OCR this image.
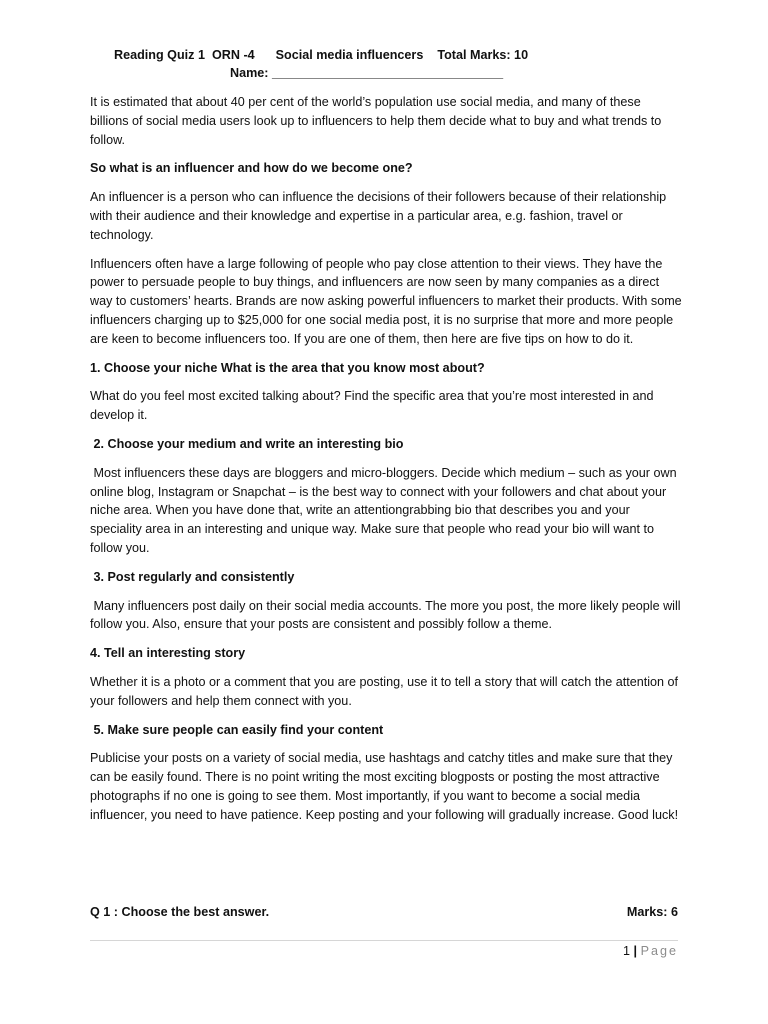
Reading Quiz 1  ORN -4      Social media influencers    Total Marks: 10
Name: _________________________________

It is estimated that about 40 per cent of the world’s population use social media, and many of these billions of social media users look up to influencers to help them decide what to buy and what trends to follow.

So what is an influencer and how do we become one?

An influencer is a person who can influence the decisions of their followers because of their relationship with their audience and their knowledge and expertise in a particular area, e.g. fashion, travel or technology.

Influencers often have a large following of people who pay close attention to their views. They have the power to persuade people to buy things, and influencers are now seen by many companies as a direct way to customers’ hearts. Brands are now asking powerful influencers to market their products. With some influencers charging up to $25,000 for one social media post, it is no surprise that more and more people are keen to become influencers too. If you are one of them, then here are five tips on how to do it.

1. Choose your niche What is the area that you know most about?

What do you feel most excited talking about? Find the specific area that you’re most interested in and develop it.

2. Choose your medium and write an interesting bio

Most influencers these days are bloggers and micro-bloggers. Decide which medium – such as your own online blog, Instagram or Snapchat – is the best way to connect with your followers and chat about your niche area. When you have done that, write an attentiongrabbing bio that describes you and your speciality area in an interesting and unique way. Make sure that people who read your bio will want to follow you.

3. Post regularly and consistently

Many influencers post daily on their social media accounts. The more you post, the more likely people will follow you. Also, ensure that your posts are consistent and possibly follow a theme.

4. Tell an interesting story

Whether it is a photo or a comment that you are posting, use it to tell a story that will catch the attention of your followers and help them connect with you.

5. Make sure people can easily find your content

Publicise your posts on a variety of social media, use hashtags and catchy titles and make sure that they can be easily found. There is no point writing the most exciting blogposts or posting the most attractive photographs if no one is going to see them. Most importantly, if you want to become a social media influencer, you need to have patience. Keep posting and your following will gradually increase. Good luck!

Q 1 : Choose the best answer.	Marks: 6
1 | Page
